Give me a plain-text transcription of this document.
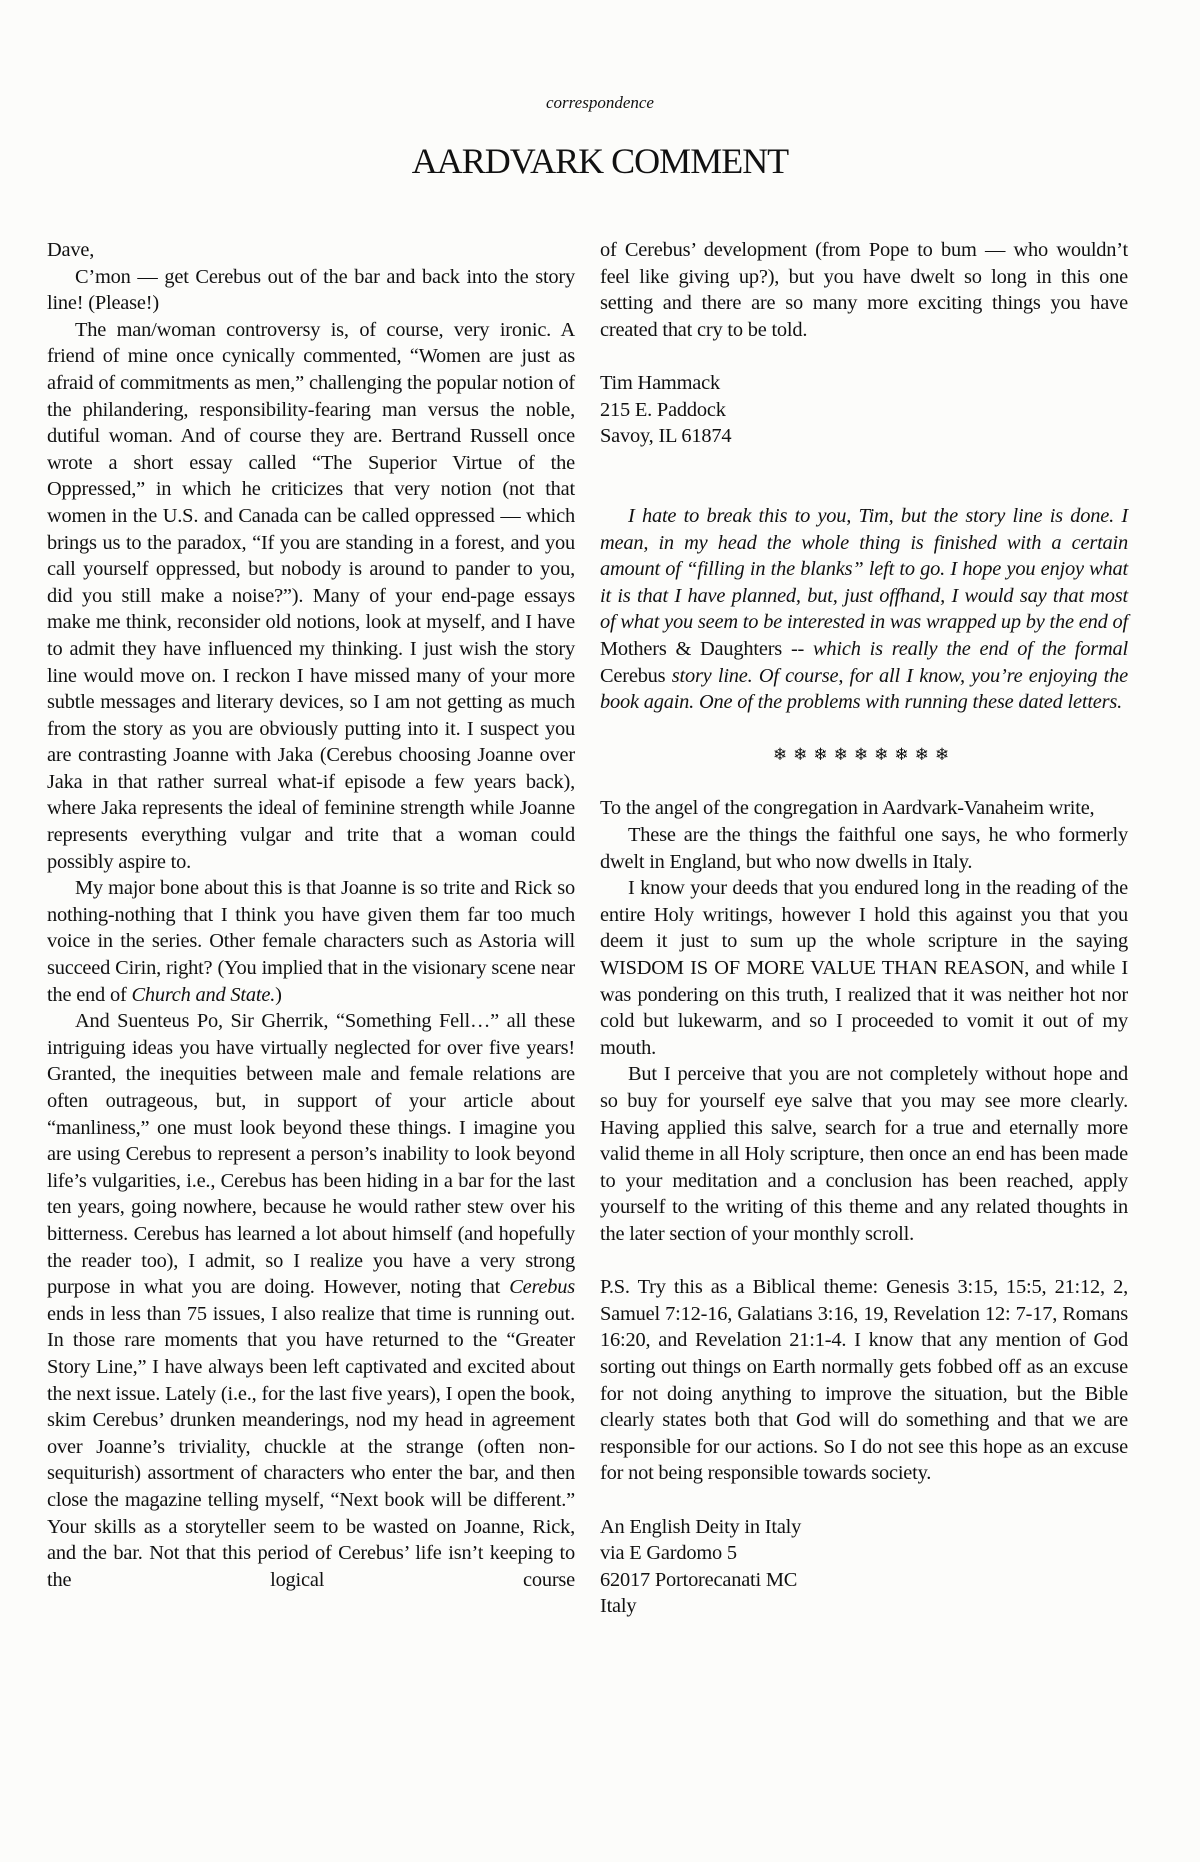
correspondence
AARDVARK COMMENT

Dave,

C’mon — get Cerebus out of the bar and back into the story line! (Please!)

The man/woman controversy is, of course, very ironic. A friend of mine once cynically commented, “Women are just as afraid of commitments as men,” challenging the popular notion of the philandering, responsibility-fearing man versus the noble, dutiful woman. And of course they are. Bertrand Russell once wrote a short essay called “The Superior Virtue of the Oppressed,” in which he criticizes that very notion (not that women in the U.S. and Canada can be called oppressed — which brings us to the paradox, “If you are standing in a forest, and you call yourself oppressed, but nobody is around to pander to you, did you still make a noise?”). Many of your end-page essays make me think, reconsider old notions, look at myself, and I have to admit they have influenced my thinking. I just wish the story line would move on. I reckon I have missed many of your more subtle messages and literary devices, so I am not getting as much from the story as you are obviously putting into it. I suspect you are contrasting Joanne with Jaka (Cerebus choosing Joanne over Jaka in that rather surreal what-if episode a few years back), where Jaka represents the ideal of feminine strength while Joanne represents everything vulgar and trite that a woman could possibly aspire to.

My major bone about this is that Joanne is so trite and Rick so nothing-nothing that I think you have given them far too much voice in the series. Other female characters such as Astoria will succeed Cirin, right? (You implied that in the visionary scene near the end of Church and State.)

And Suenteus Po, Sir Gherrik, “Something Fell…” all these intriguing ideas you have virtually neglected for over five years! Granted, the inequities between male and female relations are often outrageous, but, in support of your article about “manliness,” one must look beyond these things. I imagine you are using Cerebus to represent a person’s inability to look beyond life’s vulgarities, i.e., Cerebus has been hiding in a bar for the last ten years, going nowhere, because he would rather stew over his bitterness. Cerebus has learned a lot about himself (and hopefully the reader too), I admit, so I realize you have a very strong purpose in what you are doing. However, noting that Cerebus ends in less than 75 issues, I also realize that time is running out. In those rare moments that you have returned to the “Greater Story Line,” I have always been left captivated and excited about the next issue. Lately (i.e., for the last five years), I open the book, skim Cerebus’ drunken meanderings, nod my head in agreement over Joanne’s triviality, chuckle at the strange (often non-sequiturish) assortment of characters who enter the bar, and then close the magazine telling myself, “Next book will be different.” Your skills as a storyteller seem to be wasted on Joanne, Rick, and the bar. Not that this period of Cerebus’ life isn’t keeping to the logical course

of Cerebus’ development (from Pope to bum — who wouldn’t feel like giving up?), but you have dwelt so long in this one setting and there are so many more exciting things you have created that cry to be told.

Tim Hammack
215 E. Paddock
Savoy, IL 61874

I hate to break this to you, Tim, but the story line is done. I mean, in my head the whole thing is finished with a certain amount of “filling in the blanks” left to go. I hope you enjoy what it is that I have planned, but, just offhand, I would say that most of what you seem to be interested in was wrapped up by the end of Mothers & Daughters -- which is really the end of the formal Cerebus story line. Of course, for all I know, you’re enjoying the book again. One of the problems with running these dated letters.

❄❄❄❄❄❄❄❄❄

To the angel of the congregation in Aardvark-Vanaheim write,

These are the things the faithful one says, he who formerly dwelt in England, but who now dwells in Italy.

I know your deeds that you endured long in the reading of the entire Holy writings, however I hold this against you that you deem it just to sum up the whole scripture in the saying WISDOM IS OF MORE VALUE THAN REASON, and while I was pondering on this truth, I realized that it was neither hot nor cold but lukewarm, and so I proceeded to vomit it out of my mouth.

But I perceive that you are not completely without hope and so buy for yourself eye salve that you may see more clearly. Having applied this salve, search for a true and eternally more valid theme in all Holy scripture, then once an end has been made to your meditation and a conclusion has been reached, apply yourself to the writing of this theme and any related thoughts in the later section of your monthly scroll.

P.S. Try this as a Biblical theme: Genesis 3:15, 15:5, 21:12, 2, Samuel 7:12-16, Galatians 3:16, 19, Revelation 12: 7-17, Romans 16:20, and Revelation 21:1-4. I know that any mention of God sorting out things on Earth normally gets fobbed off as an excuse for not doing anything to improve the situation, but the Bible clearly states both that God will do something and that we are responsible for our actions. So I do not see this hope as an excuse for not being responsible towards society.

An English Deity in Italy
via E Gardomo 5
62017 Portorecanati MC
Italy
